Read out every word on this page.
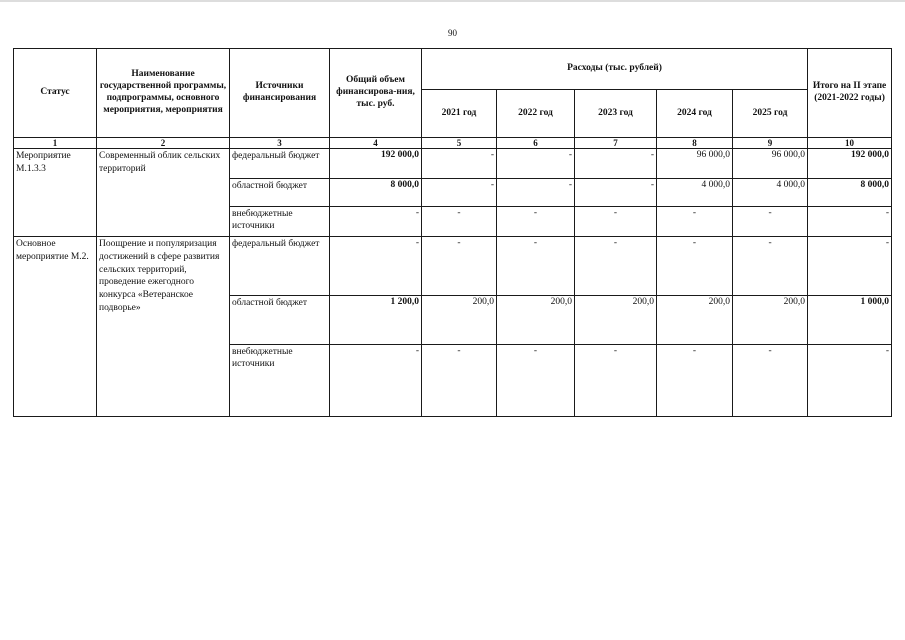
90
Статус	Наименование государственной программы, подпрограммы, основного мероприятия, мероприятия	Источники финансирования	Общий объем финансирова-ния, тыс. руб.	Расходы (тыс. рублей)					Итого на II этапе (2021-2022 годы)
				2021 год	2022 год	2023 год	2024 год	2025 год	
1	2	3	4	5	6	7	8	9	10
Мероприятие М.1.3.3	Современный облик сельских территорий	федеральный бюджет	192 000,0	-	-	-	96 000,0	96 000,0	192 000,0
		областной бюджет	8 000,0	-	-	-	4 000,0	4 000,0	8 000,0
		внебюджетные источники	-	-	-	-	-	-	-
Основное мероприятие М.2.	Поощрение и популяризация достижений в сфере развития сельских территорий, проведение ежегодного конкурса «Ветеранское подворье»	федеральный бюджет	-	-	-	-	-	-	-
		областной бюджет	1 200,0	200,0	200,0	200,0	200,0	200,0	1 000,0
		внебюджетные источники	-	-	-	-	-	-	-
